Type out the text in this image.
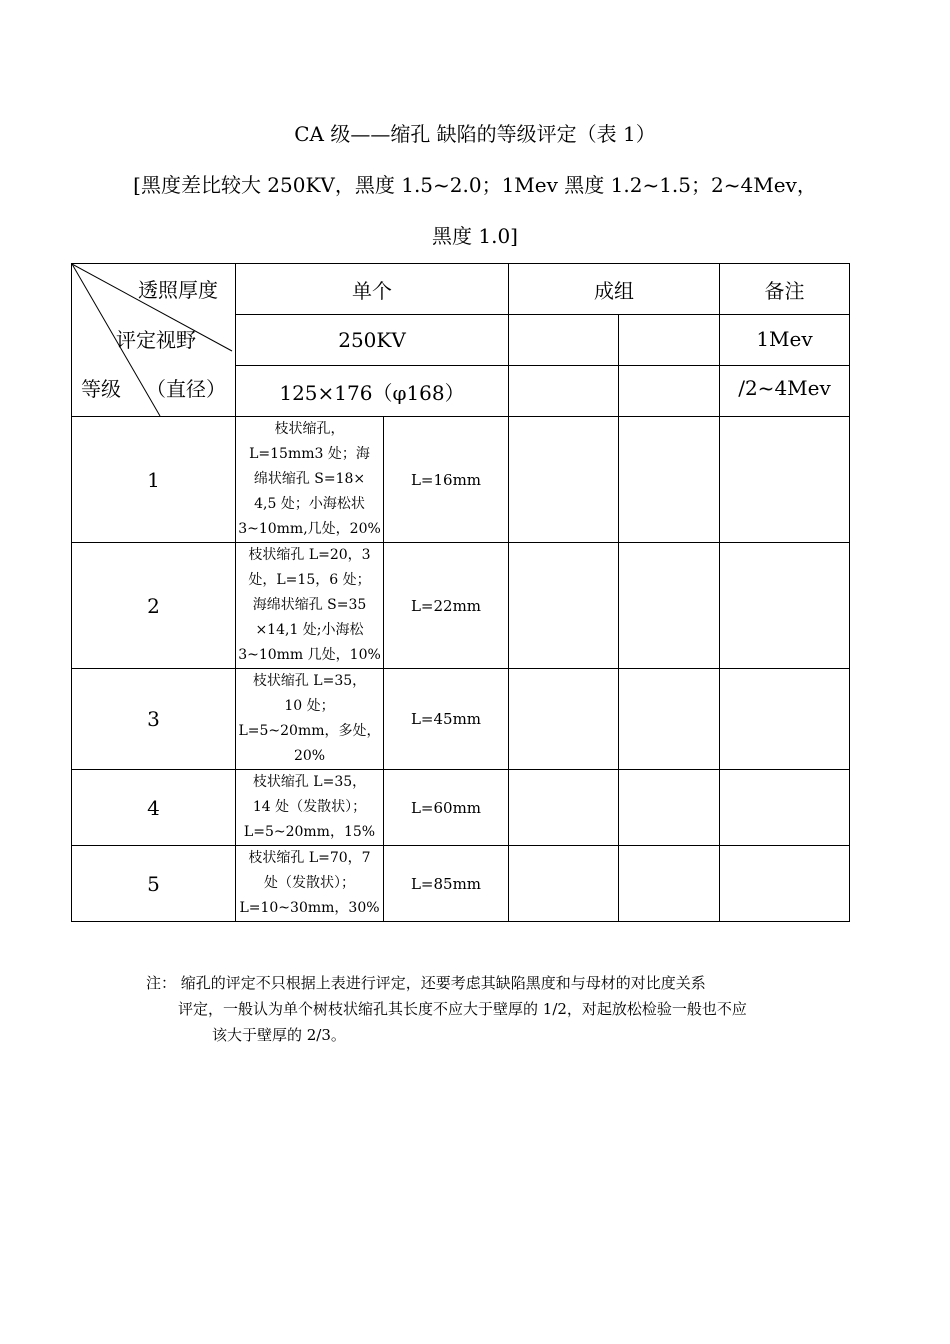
CA 级——缩孔 缺陷的等级评定（表 1）
[黑度差比较大 250KV，黑度 1.5~2.0；1Mev 黑度 1.2~1.5；2~4Mev，
黑度 1.0]
透照厚度
评定视野
等级 （直径）	单个		成组		备注
	250KV				1Mev
	125×176（φ168）				/2~4Mev
1	枝状缩孔，
L=15mm3 处；海
绵状缩孔 S=18×
4,5 处；小海松状
3~10mm,几处，20%	L=16mm			
2	枝状缩孔 L=20，3
处，L=15，6 处；
海绵状缩孔 S=35
×14,1 处;小海松
3~10mm 几处，10%	L=22mm			
3	枝状缩孔 L=35，
10 处；
L=5~20mm，多处，
20%	L=45mm			
4	枝状缩孔 L=35，
14 处（发散状）；
L=5~20mm，15%	L=60mm			
5	枝状缩孔 L=70，7
处（发散状）；
L=10~30mm，30%	L=85mm			
注： 缩孔的评定不只根据上表进行评定，还要考虑其缺陷黑度和与母材的对比度关系
评定，一般认为单个树枝状缩孔其长度不应大于壁厚的 1/2，对起放松检验一般也不应
该大于壁厚的 2/3。
